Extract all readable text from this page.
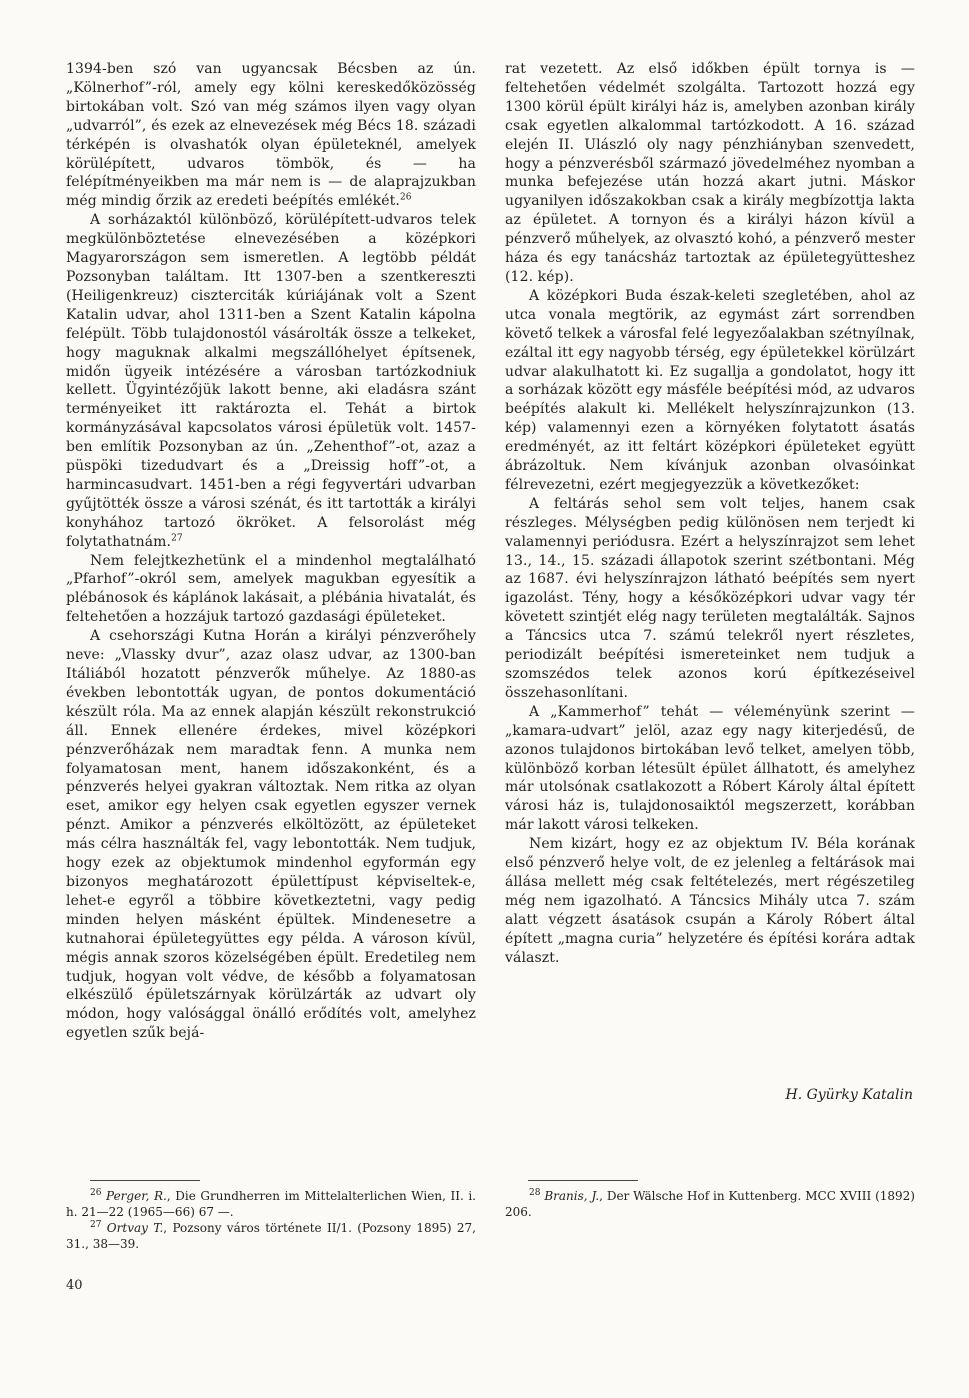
1394-ben szó van ugyancsak Bécsben az ún. „Kölnerhof”-ról, amely egy kölni kereskedőközösség birtokában volt. Szó van még számos ilyen vagy olyan „udvarról”, és ezek az elnevezések még Bécs 18. századi térképén is olvashatók olyan épületeknél, amelyek körülépített, udvaros tömbök, és — ha felépítményeikben ma már nem is — de alaprajzukban még mindig őrzik az eredeti beépítés emlékét.$^{26}$

A sorházaktól különböző, körülépített-udvaros telek megkülönböztetése elnevezésében a középkori Magyarországon sem ismeretlen. A legtöbb példát Pozsonyban találtam. Itt 1307-ben a szentkereszti (Heiligenkreuz) ciszterciták kúriájának volt a Szent Katalin udvar, ahol 1311-ben a Szent Katalin kápolna felépült. Több tulajdonostól vásárolták össze a telkeket, hogy maguknak alkalmi megszállóhelyet építsenek, midőn ügyeik intézésére a városban tartózkodniuk kellett. Ügyintézőjük lakott benne, aki eladásra szánt terményeiket itt raktározta el. Tehát a birtok kormányzásával kapcsolatos városi épületük volt. 1457-ben említik Pozsonyban az ún. „Zehenthof”-ot, azaz a püspöki tizedudvart és a „Dreissig hoff”-ot, a harmincasudvart. 1451-ben a régi fegyvertári udvarban gyűjtötték össze a városi szénát, és itt tartották a királyi konyhához tartozó ökröket. A felsorolást még folytathatnám.$^{27}$

Nem felejtkezhetünk el a mindenhol megtalálható „Pfarhof”-okról sem, amelyek magukban egyesítik a plébánosok és káplánok lakásait, a plébánia hivatalát, és feltehetően a hozzájuk tartozó gazdasági épületeket.

A csehországi Kutna Horán a királyi pénzverőhely neve: „Vlassky dvur”, azaz olasz udvar, az 1300-ban Itáliából hozatott pénzverők műhelye. Az 1880-as években lebontották ugyan, de pontos dokumentáció készült róla. Ma az ennek alapján készült rekonstrukció áll. Ennek ellenére érdekes, mivel középkori pénzverőházak nem maradtak fenn. A munka nem folyamatosan ment, hanem időszakonként, és a pénzverés helyei gyakran változtak. Nem ritka az olyan eset, amikor egy helyen csak egyetlen egyszer vernek pénzt. Amikor a pénzverés elköltözött, az épületeket más célra használták fel, vagy lebontották. Nem tudjuk, hogy ezek az objektumok mindenhol egyformán egy bizonyos meghatározott épülettípust képviseltek-e, lehet-e egyről a többire következtetni, vagy pedig minden helyen másként épültek. Mindenesetre a kutnahorai épületegyüttes egy példa. A városon kívül, mégis annak szoros közelségében épült. Eredetileg nem tudjuk, hogyan volt védve, de később a folyamatosan elkészülő épületszárnyak körülzárták az udvart oly módon, hogy valósággal önálló erődítés volt, amelyhez egyetlen szűk bejá-

rat vezetett. Az első időkben épült tornya is — feltehetően védelmét szolgálta. Tartozott hozzá egy 1300 körül épült királyi ház is, amelyben azonban király csak egyetlen alkalommal tartózkodott. A 16. század elején II. Ulászló oly nagy pénzhiányban szenvedett, hogy a pénzverésből származó jövedelméhez nyomban a munka befejezése után hozzá akart jutni. Máskor ugyanilyen időszakokban csak a király megbízottja lakta az épületet. A tornyon és a királyi házon kívül a pénzverő műhelyek, az olvasztó kohó, a pénzverő mester háza és egy tanácsház tartoztak az épületegyütteshez (12. kép).

A középkori Buda észak-keleti szegletében, ahol az utca vonala megtörik, az egymást zárt sorrendben követő telkek a városfal felé legyezőalakban szétnyílnak, ezáltal itt egy nagyobb térség, egy épületekkel körülzárt udvar alakulhatott ki. Ez sugallja a gondolatot, hogy itt a sorházak között egy másféle beépítési mód, az udvaros beépítés alakult ki. Mellékelt helyszínrajzunkon (13. kép) valamennyi ezen a környéken folytatott ásatás eredményét, az itt feltárt középkori épületeket együtt ábrázoltuk. Nem kívánjuk azonban olvasóinkat félrevezetni, ezért megjegyezzük a következőket:

A feltárás sehol sem volt teljes, hanem csak részleges. Mélységben pedig különösen nem terjedt ki valamennyi periódusra. Ezért a helyszínrajzot sem lehet 13., 14., 15. századi állapotok szerint szétbontani. Még az 1687. évi helyszínrajzon látható beépítés sem nyert igazolást. Tény, hogy a későközépkori udvar vagy tér követett szintjét elég nagy területen megtalálták. Sajnos a Táncsics utca 7. számú telekről nyert részletes, periodizált beépítési ismereteinket nem tudjuk a szomszédos telek azonos korú építkezéseivel összehasonlítani.

A „Kammerhof” tehát — véleményünk szerint — „kamara-udvart” jelöl, azaz egy nagy kiterjedésű, de azonos tulajdonos birtokában levő telket, amelyen több, különböző korban létesült épület állhatott, és amelyhez már utolsónak csatlakozott a Róbert Károly által épített városi ház is, tulajdonosaiktól megszerzett, korábban már lakott városi telkeken.

Nem kizárt, hogy ez az objektum IV. Béla korának első pénzverő helye volt, de ez jelenleg a feltárások mai állása mellett még csak feltételezés, mert régészetileg még nem igazolható. A Táncsics Mihály utca 7. szám alatt végzett ásatások csupán a Károly Róbert által épített „magna curia” helyzetére és építési korára adtak választ.

H. Gyürky Katalin

$^{26}$ Perger, R., Die Grundherren im Mittelalterlichen Wien, II. i. h. 21—22 (1965—66) 67 —.

$^{27}$ Ortvay T., Pozsony város története II/1. (Pozsony 1895) 27, 31., 38—39.

$^{28}$ Branis, J., Der Wälsche Hof in Kuttenberg. MCC XVIII (1892) 206.

40
